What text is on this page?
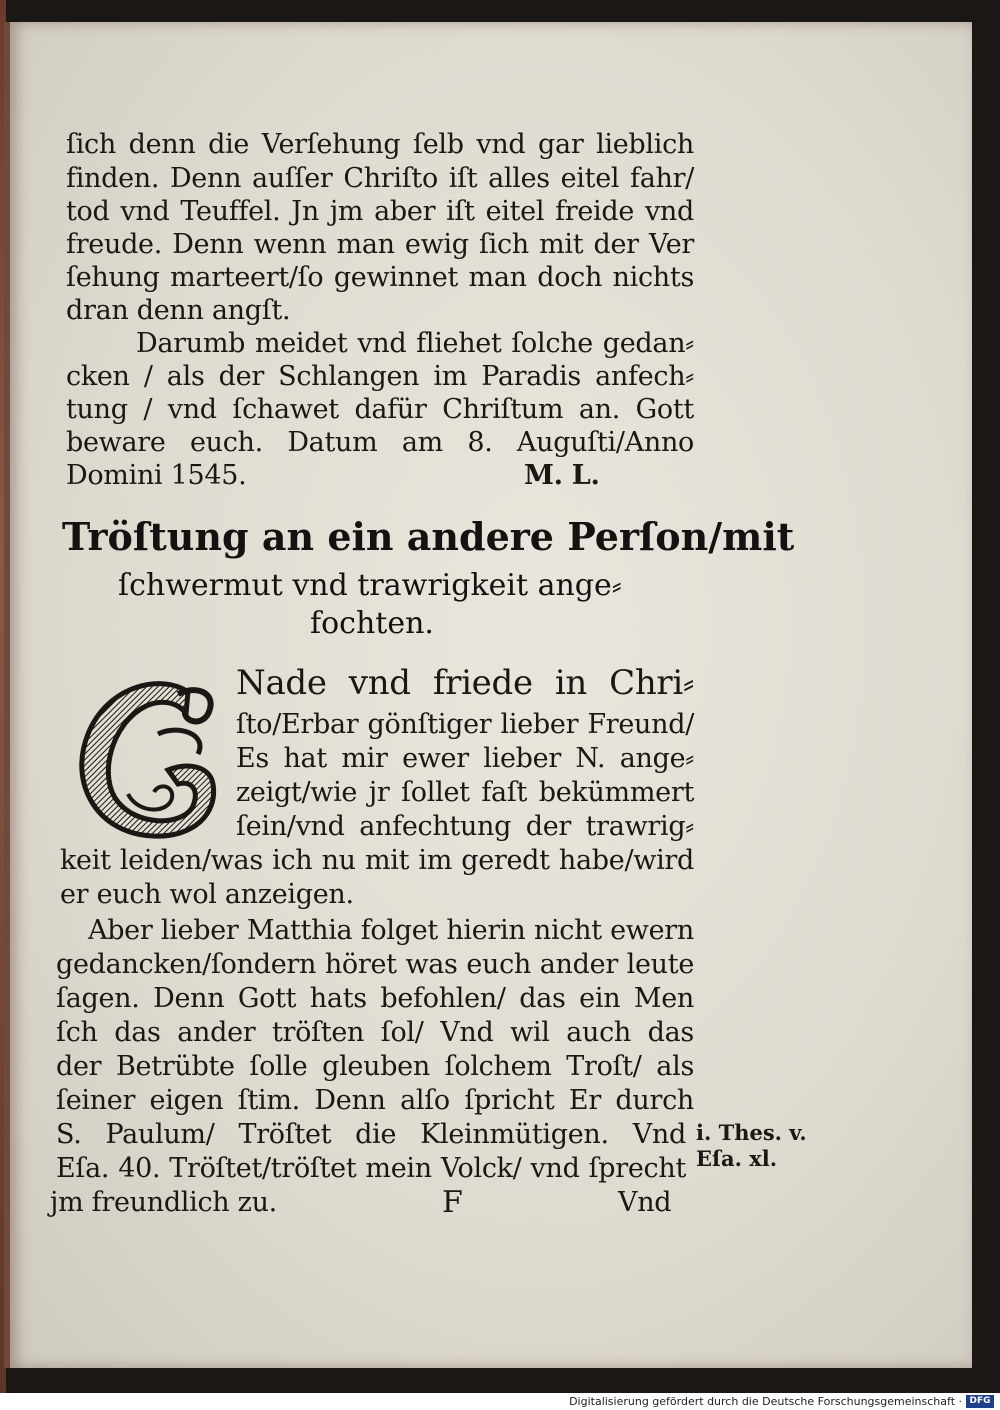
ſich denn die Verſehung ſelb vnd gar lieblich
finden. Denn auſſer Chriſto iſt alles eitel fahr/
tod vnd Teuffel. Jn jm aber iſt eitel freide vnd
freude. Denn wenn man ewig ſich mit der Ver
ſehung marteert/ſo gewinnet man doch nichts
dran denn angſt.
Darumb meidet vnd fliehet ſolche gedan⸗
cken / als der Schlangen im Paradis anfech⸗
tung / vnd ſchawet dafür Chriſtum an. Gott
beware euch. Datum am 8. Auguſti/Anno
Domini 1545.	M. L.
Tröſtung an ein andere Perſon/mit
ſchwermut vnd trawrigkeit ange⸗
fochten.
Nade vnd friede in Chri⸗
ſto/Erbar gönſtiger lieber Freund/
Es hat mir ewer lieber N. ange⸗
zeigt/wie jr ſollet faſt bekümmert
ſein/vnd anfechtung der trawrig⸗
keit leiden/was ich nu mit im geredt habe/wird
er euch wol anzeigen.
Aber lieber Matthia folget hierin nicht ewern
gedancken/ſondern höret was euch ander leute
ſagen. Denn Gott hats befohlen/ das ein Men
ſch das ander tröſten ſol/ Vnd wil auch das
der Betrübte ſolle gleuben ſolchem Troſt/ als
ſeiner eigen ſtim. Denn alſo ſpricht Er durch
S. Paulum/ Tröſtet die Kleinmütigen. Vnd
Eſa. 40. Tröſtet/tröſtet mein Volck/ vnd ſprecht
jm freundlich zu.	F	Vnd
i. Thes. v.
Eſa. xl.
Digitalisierung gefördert durch die Deutsche Forschungsgemeinschaft · DFG
